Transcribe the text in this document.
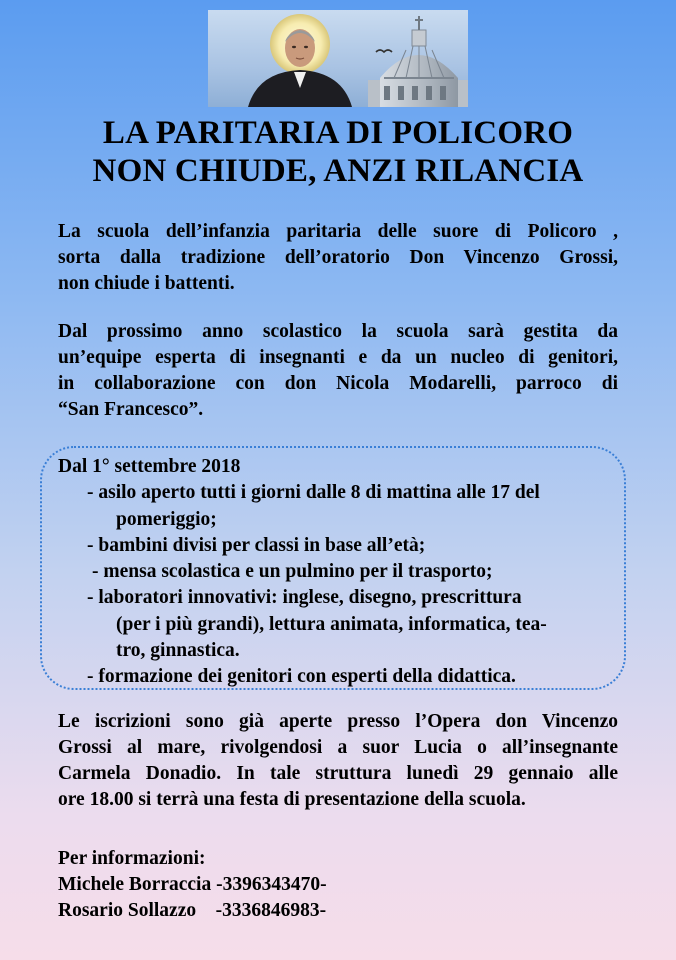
LA PARITARIA DI POLICORO
NON CHIUDE, ANZI RILANCIA
La scuola dell’infanzia paritaria delle suore di Policoro ,
sorta dalla tradizione dell’oratorio Don Vincenzo Grossi,
non chiude i battenti.
Dal prossimo anno scolastico la scuola sarà gestita da
un’equipe esperta di insegnanti e da un nucleo di genitori,
in collaborazione con don Nicola Modarelli, parroco di
“San Francesco”.
Dal 1° settembre 2018
- asilo aperto tutti i giorni dalle 8 di mattina alle 17 del
pomeriggio;
- bambini divisi per classi in base all’età;
- mensa scolastica e un pulmino per il trasporto;
- laboratori innovativi: inglese, disegno, prescrittura
(per i più grandi), lettura animata, informatica, tea-
tro, ginnastica.
- formazione dei genitori con esperti della didattica.
Le iscrizioni sono già aperte presso l’Opera don Vincenzo
Grossi al mare, rivolgendosi a suor Lucia o all’insegnante
Carmela Donadio. In tale struttura lunedì 29 gennaio alle
ore 18.00 si terrà una festa di presentazione della scuola.
Per informazioni:
Michele Borraccia -3396343470-
Rosario Sollazzo -3336846983-
